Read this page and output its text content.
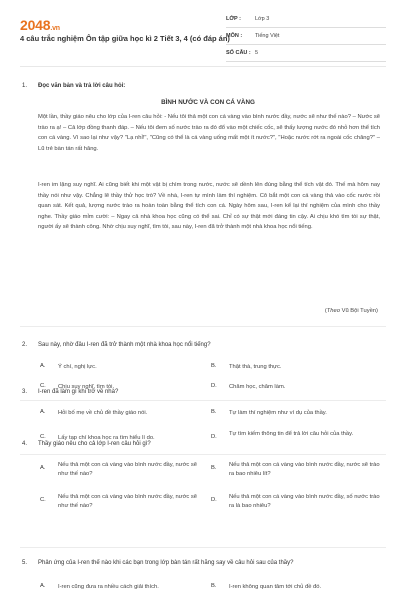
2048.vn
4 câu trắc nghiệm Ôn tập giữa học kì 2 Tiết 3, 4 (có đáp án)
LỚP :	Lớp 3
MÔN :	Tiếng Việt
SỐ CÂU : 5
1. Đọc văn bản và trả lời câu hỏi:
BÌNH NƯỚC VÀ CON CÁ VÀNG
Một lần, thầy giáo nêu cho lớp của I-ren câu hỏi: - Nếu tôi thả một con cá vàng vào bình nước đầy, nước sẽ như thế nào? – Nước sẽ trào ra ạ! – Cả lớp đồng thanh đáp. – Nếu tôi đem số nước trào ra đó đổ vào một chiếc cốc, sẽ thấy lượng nước đó nhỏ hơn thể tích con cá vàng. Vì sao lại như vậy? "Lạ nhỉ!", "Cũng có thể là cá vàng uống mất một ít nước?", "Hoặc nước rớt ra ngoài cốc chăng?" – Lũ trẻ bàn tán rất hăng.
I-ren im lặng suy nghĩ. Ai cũng biết khi một vật bị chìm trong nước, nước sẽ dềnh lên đúng bằng thể tích vật đó. Thế mà hôm nay thầy nói như vậy. Chẳng lẽ thầy thử học trò? Về nhà, I-ren tự mình làm thí nghiệm. Cô bắt một con cá vàng thả vào cốc nước rồi quan sát. Kết quả, lượng nước trào ra hoàn toàn bằng thể tích con cá. Ngày hôm sau, I-ren kể lại thí nghiệm của mình cho thầy nghe. Thầy giáo mỉm cười: – Ngay cả nhà khoa học cũng có thể sai. Chỉ có sự thật mới đáng tin cậy. Ai chịu khó tìm tòi sự thật, người ấy sẽ thành công. Nhờ chịu suy nghĩ, tìm tòi, sau này, I-ren đã trở thành một nhà khoa học nổi tiếng.
(Theo Vũ Bội Tuyền)
2. Sau này, nhờ đâu I-ren đã trở thành một nhà khoa học nổi tiếng?
A.	Ý chí, nghị lực.	B.	Thật thà, trung thực.
C.	Chịu suy nghĩ, tìm tòi.	D.	Chăm học, chăm làm.
3. I-ren đã làm gì khi trở về nhà?
A.	Hỏi bố mẹ về chủ đề thầy giáo nói.	B.	Tự làm thí nghiệm như ví dụ của thầy.
C.	Lấy tạp chí khoa học ra tìm hiểu lí do.	D.	Tự tìm kiếm thông tin để trả lời câu hỏi của thầy.
4. Thầy giáo nêu cho cả lớp I-ren câu hỏi gì?
A.	Nếu thả một con cá vàng vào bình nước đầy, nước sẽ như thế nào?
B.	Nếu thả một con cá vàng vào bình nước đầy, nước sẽ trào ra bao nhiêu lít?
C.	Nếu thả một con cá vàng vào bình nước đầy, nước sẽ như thế nào?
D.	Nếu thả một con cá vàng vào bình nước đầy, số nước trào ra là bao nhiêu?
5. Phản ứng của I-ren thế nào khi các bạn trong lớp bàn tán rất hăng say về câu hỏi sau của thầy?
A.	I-ren cũng đưa ra nhiều cách giải thích.	B.	I-ren không quan tâm tới chủ đề đó.
